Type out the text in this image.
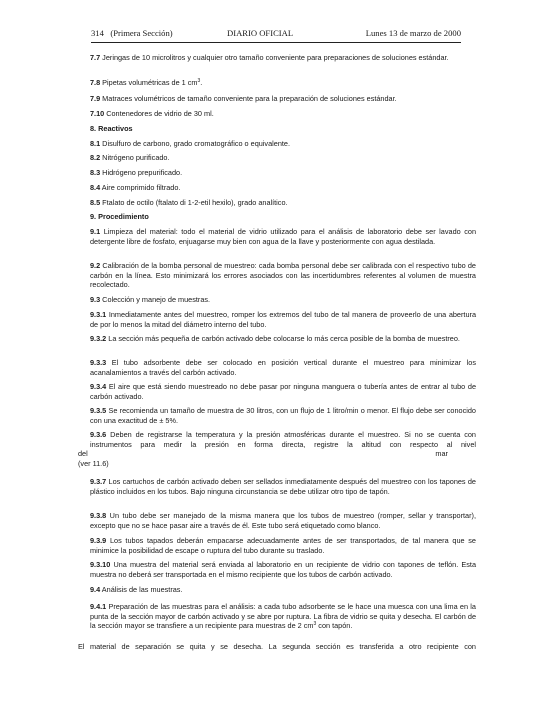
314 (Primera Sección)	DIARIO OFICIAL	Lunes 13 de marzo de 2000
7.7 Jeringas de 10 microlitros y cualquier otro tamaño conveniente para preparaciones de soluciones estándar.
7.8 Pipetas volumétricas de 1 $cm^3$.
7.9 Matraces volumétricos de tamaño conveniente para la preparación de soluciones estándar.
7.10 Contenedores de vidrio de 30 ml.
8. Reactivos
8.1 Disulfuro de carbono, grado cromatográfico o equivalente.
8.2 Nitrógeno purificado.
8.3 Hidrógeno prepurificado.
8.4 Aire comprimido filtrado.
8.5 Ftalato de octilo (ftalato di 1-2-etil hexilo), grado analítico.
9. Procedimiento
9.1 Limpieza del material: todo el material de vidrio utilizado para el análisis de laboratorio debe ser lavado con detergente libre de fosfato, enjuagarse muy bien con agua de la llave y posteriormente con agua destilada.
9.2 Calibración de la bomba personal de muestreo: cada bomba personal debe ser calibrada con el respectivo tubo de carbón en la línea. Esto minimizará los errores asociados con las incertidumbres referentes al volumen de muestra recolectado.
9.3 Colección y manejo de muestras.
9.3.1 Inmediatamente antes del muestreo, romper los extremos del tubo de tal manera de proveerlo de una abertura de por lo menos la mitad del diámetro interno del tubo.
9.3.2 La sección más pequeña de carbón activado debe colocarse lo más cerca posible de la bomba de muestreo.
9.3.3 El tubo adsorbente debe ser colocado en posición vertical durante el muestreo para minimizar los acanalamientos a través del carbón activado.
9.3.4 El aire que está siendo muestreado no debe pasar por ninguna manguera o tubería antes de entrar al tubo de carbón activado.
9.3.5 Se recomienda un tamaño de muestra de 30 litros, con un flujo de 1 litro/min o menor. El flujo debe ser conocido con una exactitud de ± 5%.
9.3.6 Deben de registrarse la temperatura y la presión atmosféricas durante el muestreo. Si no se cuenta con instrumentos para medir la presión en forma directa, registre la altitud con respecto al nivel
del	mar
(ver 11.6)
9.3.7 Los cartuchos de carbón activado deben ser sellados inmediatamente después del muestreo con los tapones de plástico incluidos en los tubos. Bajo ninguna circunstancia se debe utilizar otro tipo de tapón.
9.3.8 Un tubo debe ser manejado de la misma manera que los tubos de muestreo (romper, sellar y transportar), excepto que no se hace pasar aire a través de él. Este tubo será etiquetado como blanco.
9.3.9 Los tubos tapados deberán empacarse adecuadamente antes de ser transportados, de tal manera que se minimice la posibilidad de escape o ruptura del tubo durante su traslado.
9.3.10 Una muestra del material será enviada al laboratorio en un recipiente de vidrio con tapones de teflón. Esta muestra no deberá ser transportada en el mismo recipiente que los tubos de carbón activado.
9.4 Análisis de las muestras.
9.4.1 Preparación de las muestras para el análisis: a cada tubo adsorbente se le hace una muesca con una lima en la punta de la sección mayor de carbón activado y se abre por ruptura. La fibra de vidrio se quita y desecha. El carbón de la sección mayor se transfiere a un recipiente para muestras de 2 $cm^3$ con tapón.
El material de separación se quita y se desecha. La segunda sección es transferida a otro recipiente con
